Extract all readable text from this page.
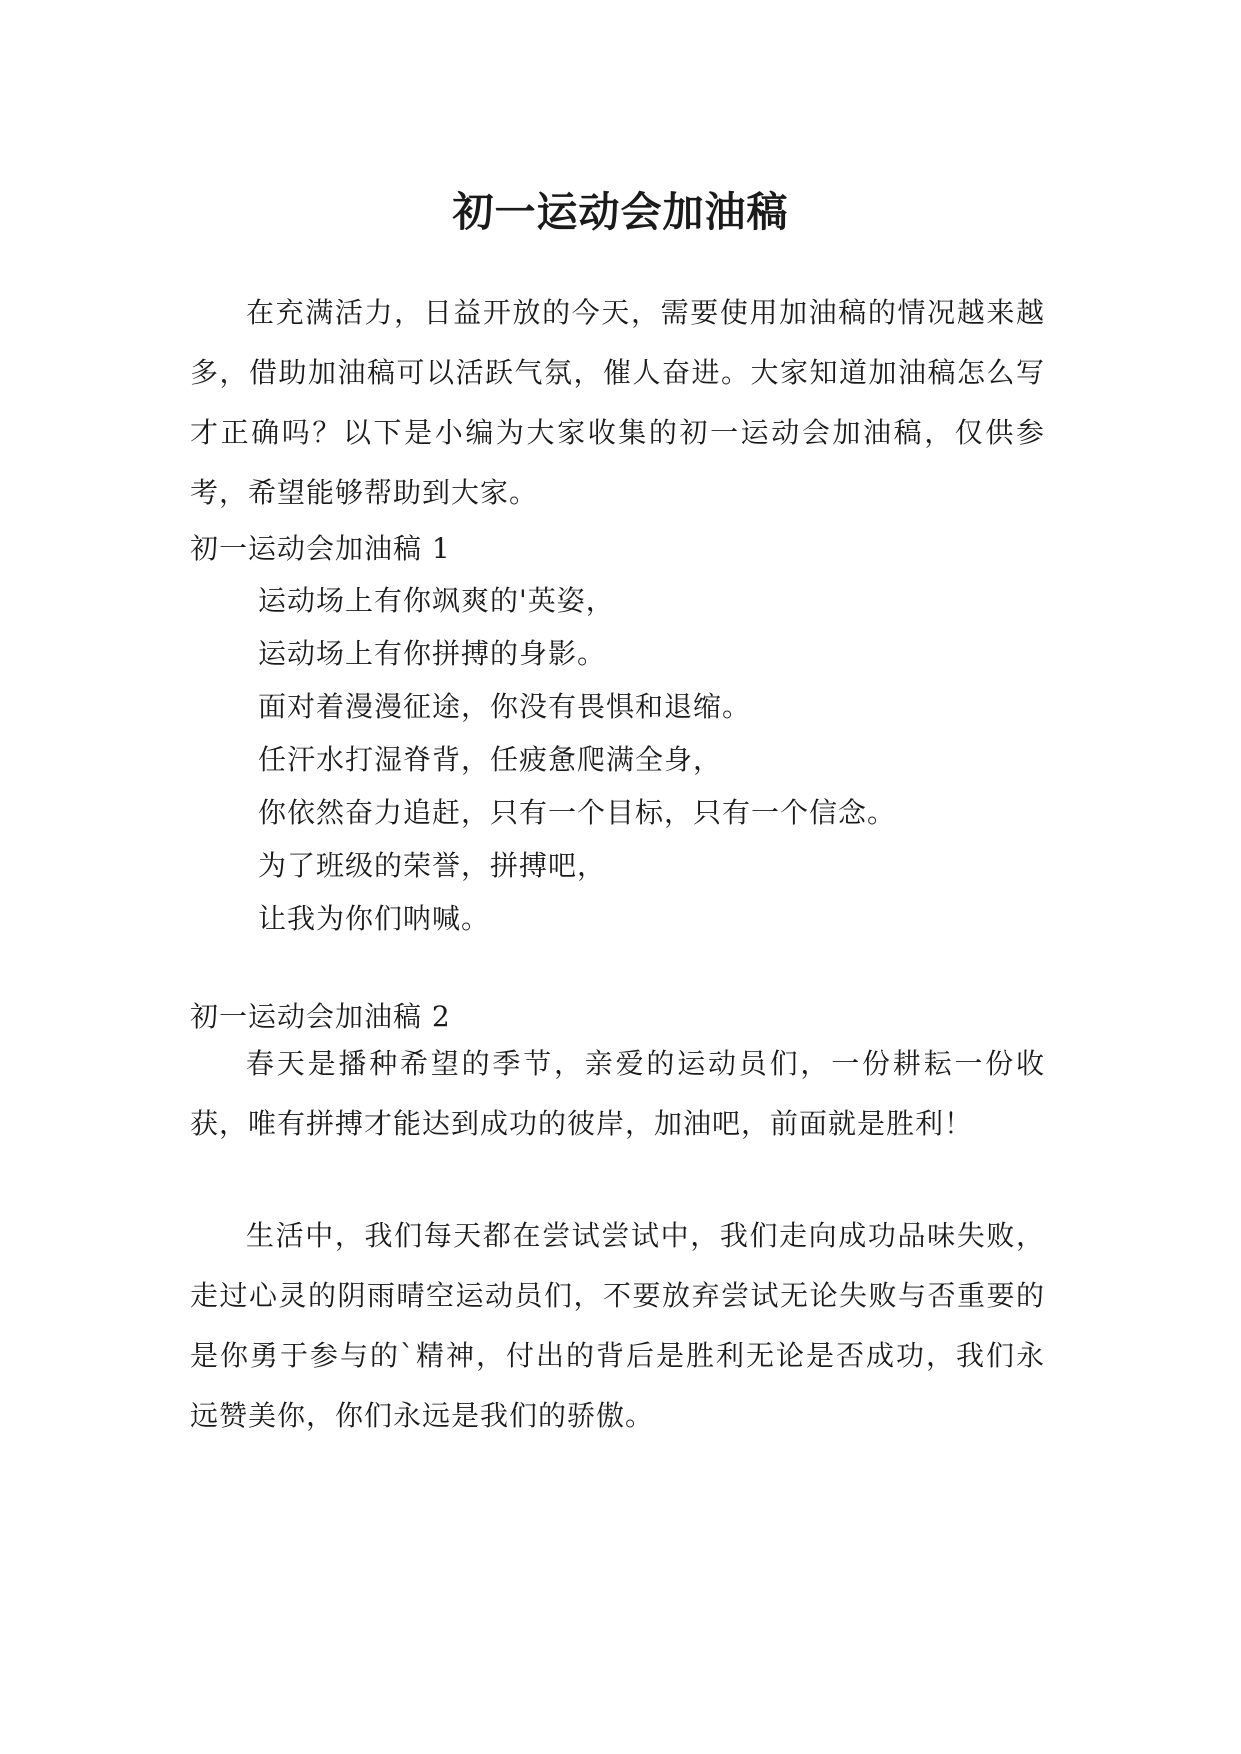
初一运动会加油稿

在充满活力，日益开放的今天，需要使用加油稿的情况越来越多，借助加油稿可以活跃气氛，催人奋进。大家知道加油稿怎么写才正确吗？以下是小编为大家收集的初一运动会加油稿，仅供参考，希望能够帮助到大家。

初一运动会加油稿 1

运动场上有你飒爽的'英姿，

运动场上有你拼搏的身影。

面对着漫漫征途，你没有畏惧和退缩。

任汗水打湿脊背，任疲惫爬满全身，

你依然奋力追赶，只有一个目标，只有一个信念。

为了班级的荣誉，拼搏吧，

让我为你们呐喊。

初一运动会加油稿 2

春天是播种希望的季节，亲爱的运动员们，一份耕耘一份收获，唯有拼搏才能达到成功的彼岸，加油吧，前面就是胜利！

生活中，我们每天都在尝试尝试中，我们走向成功品味失败，走过心灵的阴雨晴空运动员们，不要放弃尝试无论失败与否重要的是你勇于参与的`精神，付出的背后是胜利无论是否成功，我们永远赞美你，你们永远是我们的骄傲。
